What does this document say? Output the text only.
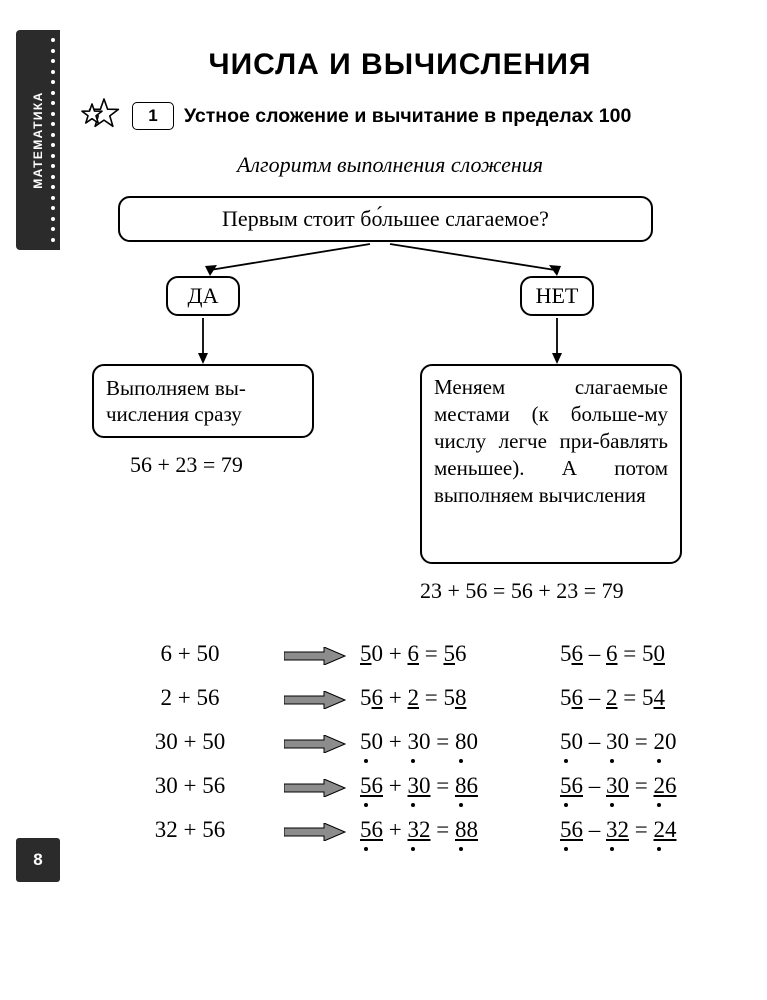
МАТЕМАТИКА
8
ЧИСЛА И ВЫЧИСЛЕНИЯ
1	Устное сложение и вычитание в пределах 100
Алгоритм выполнения сложения
Первым стоит бо́льшее слагаемое?
ДА	НЕТ
Выполняем вы-числения сразу
Меняем слагаемые местами (к больше-му числу легче при-бавлять меньшее). А потом выполняем вычисления
56 + 23 = 79
23 + 56 = 56 + 23 = 79
6 + 50		50 + 6 = 56	56 – 6 = 50
2 + 56		56 + 2 = 58	56 – 2 = 54
30 + 50		50 + 30 = 80	50 – 30 = 20
30 + 56		56 + 30 = 86	56 – 30 = 26
32 + 56		56 + 32 = 88	56 – 32 = 24
